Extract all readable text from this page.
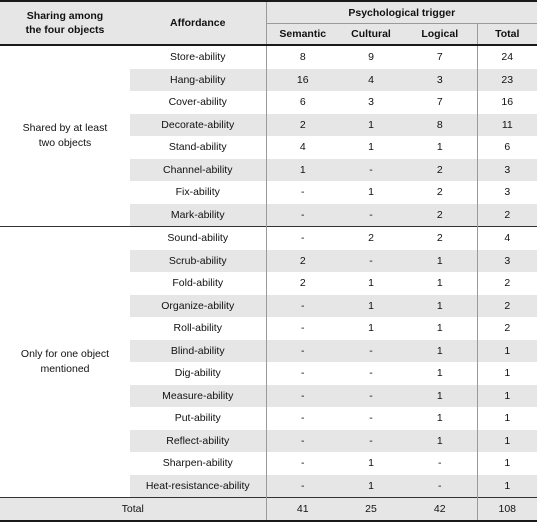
Sharing among
the four objects	Affordance	Psychological trigger			
		Semantic	Cultural	Logical	Total
Shared by at least
two objects	Store-ability	8	9	7	24
	Hang-ability	16	4	3	23
	Cover-ability	6	3	7	16
	Decorate-ability	2	1	8	11
	Stand-ability	4	1	1	6
	Channel-ability	1	-	2	3
	Fix-ability	-	1	2	3
	Mark-ability	-	-	2	2
Only for one object
mentioned	Sound-ability	-	2	2	4
	Scrub-ability	2	-	1	3
	Fold-ability	2	1	1	2
	Organize-ability	-	1	1	2
	Roll-ability	-	1	1	2
	Blind-ability	-	-	1	1
	Dig-ability	-	-	1	1
	Measure-ability	-	-	1	1
	Put-ability	-	-	1	1
	Reflect-ability	-	-	1	1
	Sharpen-ability	-	1	-	1
	Heat-resistance-ability	-	1	-	1
Total		41	25	42	108
